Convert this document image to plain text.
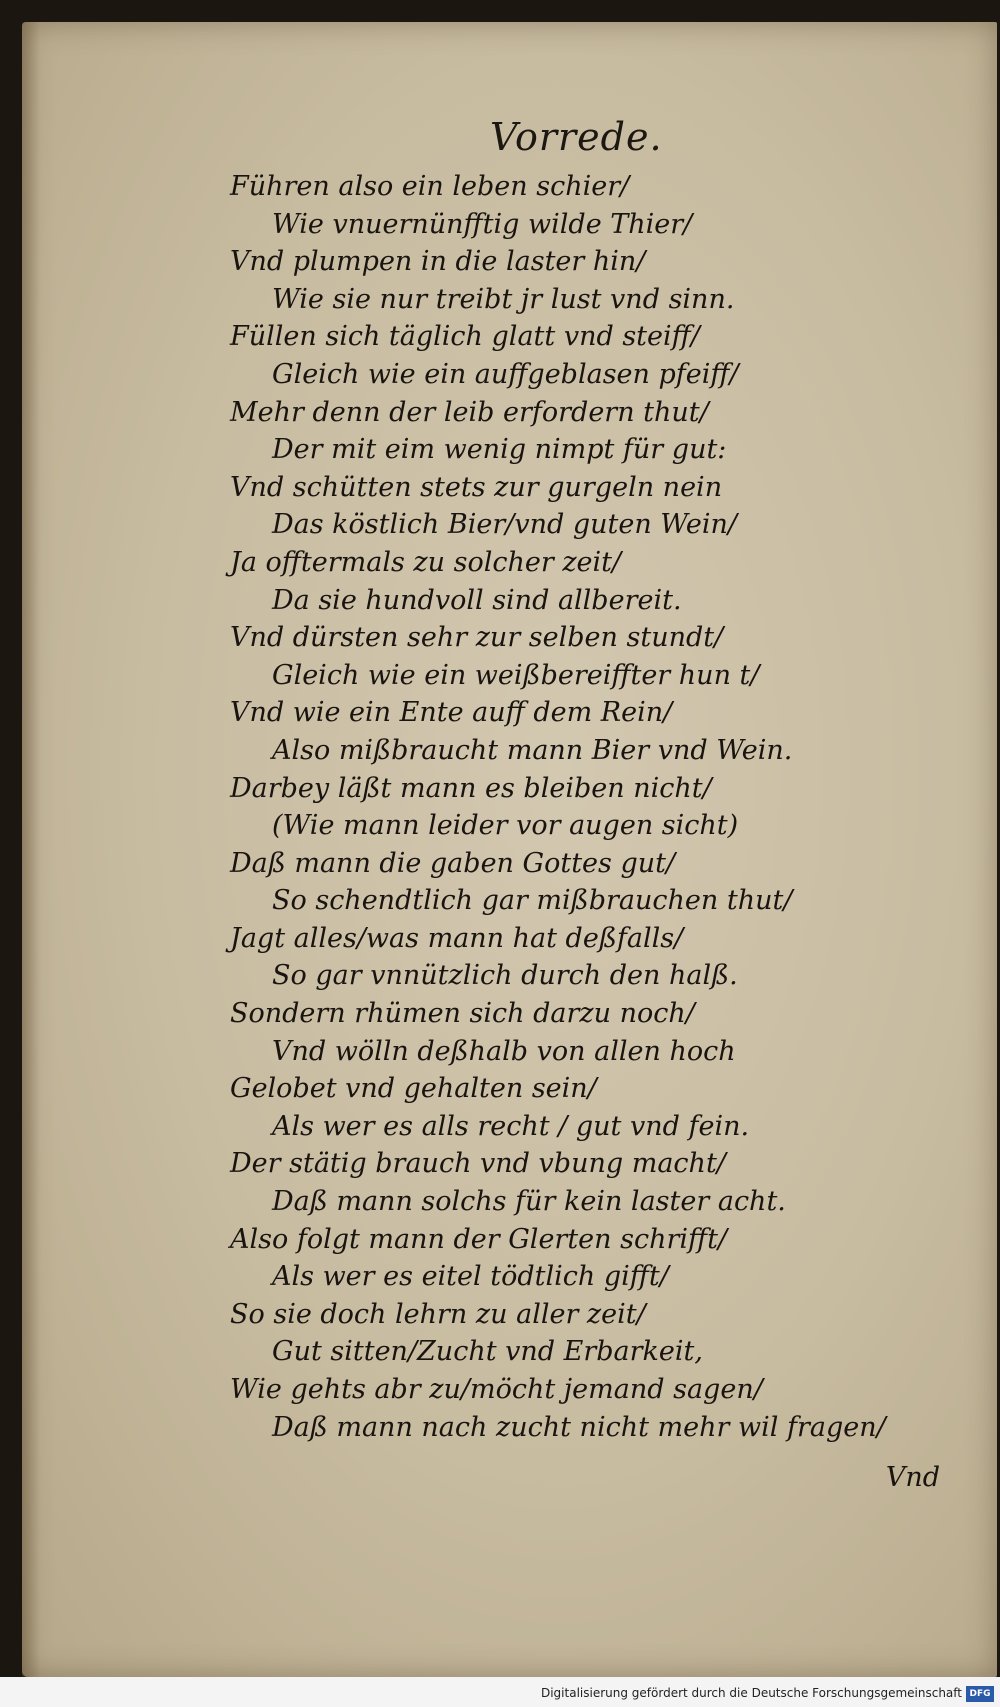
Vorrede.
Führen also ein leben schier/
Wie vnuernünfftig wilde Thier/
Vnd plumpen in die laster hin/
Wie sie nur treibt jr lust vnd sinn.
Füllen sich täglich glatt vnd steiff/
Gleich wie ein auffgeblasen pfeiff/
Mehr denn der leib erfordern thut/
Der mit eim wenig nimpt für gut:
Vnd schütten stets zur gurgeln nein
Das köstlich Bier/vnd guten Wein/
Ja offtermals zu solcher zeit/
Da sie hundvoll sind allbereit.
Vnd dürsten sehr zur selben stundt/
Gleich wie ein weißbereiffter hun t/
Vnd wie ein Ente auff dem Rein/
Also mißbraucht mann Bier vnd Wein.
Darbey läßt mann es bleiben nicht/
(Wie mann leider vor augen sicht)
Daß mann die gaben Gottes gut/
So schendtlich gar mißbrauchen thut/
Jagt alles/was mann hat deßfalls/
So gar vnnützlich durch den halß.
Sondern rhümen sich darzu noch/
Vnd wölln deßhalb von allen hoch
Gelobet vnd gehalten sein/
Als wer es alls recht / gut vnd fein.
Der stätig brauch vnd vbung macht/
Daß mann solchs für kein laster acht.
Also folgt mann der Glerten schrifft/
Als wer es eitel tödtlich gifft/
So sie doch lehrn zu aller zeit/
Gut sitten/Zucht vnd Erbarkeit,
Wie gehts abr zu/möcht jemand sagen/
Daß mann nach zucht nicht mehr wil fragen/
Vnd
Digitalisierung gefördert durch die Deutsche Forschungsgemeinschaft DFG
